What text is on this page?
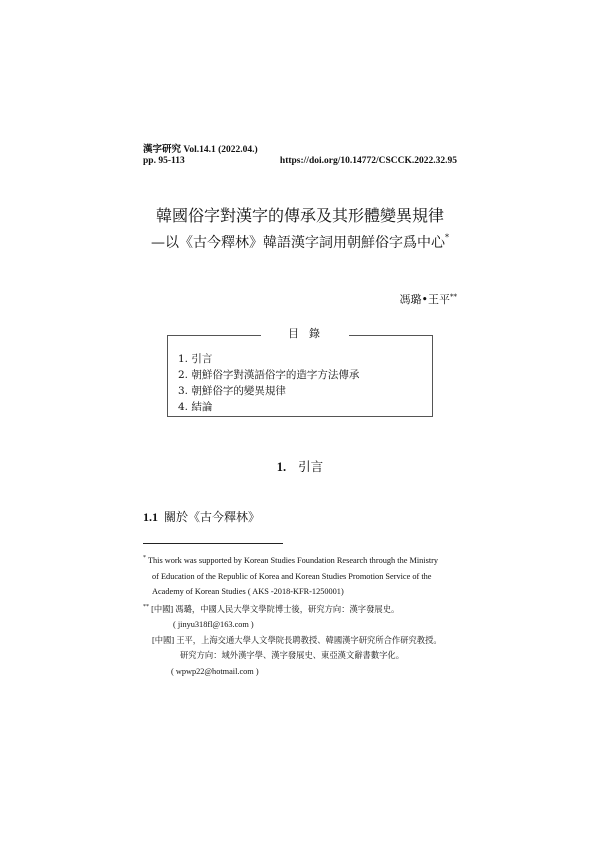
漢字研究 Vol.14.1 (2022.04.)
pp. 95-113	https://doi.org/10.14772/CSCCK.2022.32.95
韓國俗字對漢字的傳承及其形體變異規律
—以《古今釋林》韓語漢字詞用朝鮮俗字爲中心*
馮璐•王平**
目錄
1. 引言
2. 朝鮮俗字對漢語俗字的造字方法傳承
3. 朝鮮俗字的變異規律
4. 結論
1. 引言
1.1 關於《古今釋林》
* This work was supported by Korean Studies Foundation Research through the Ministry
of Education of the Republic of Korea and Korean Studies Promotion Service of the
Academy of Korean Studies ( AKS -2018-KFR-1250001)
** [中國] 馮璐，中國人民大學文學院博士後，研究方向：漢字發展史。
( jinyu318fl@163.com )
[中國] 王平，上海交通大學人文學院長聘教授、韓國漢字研究所合作研究教授。
研究方向：域外漢字學、漢字發展史、東亞漢文辭書數字化。
( wpwp22@hotmail.com )
